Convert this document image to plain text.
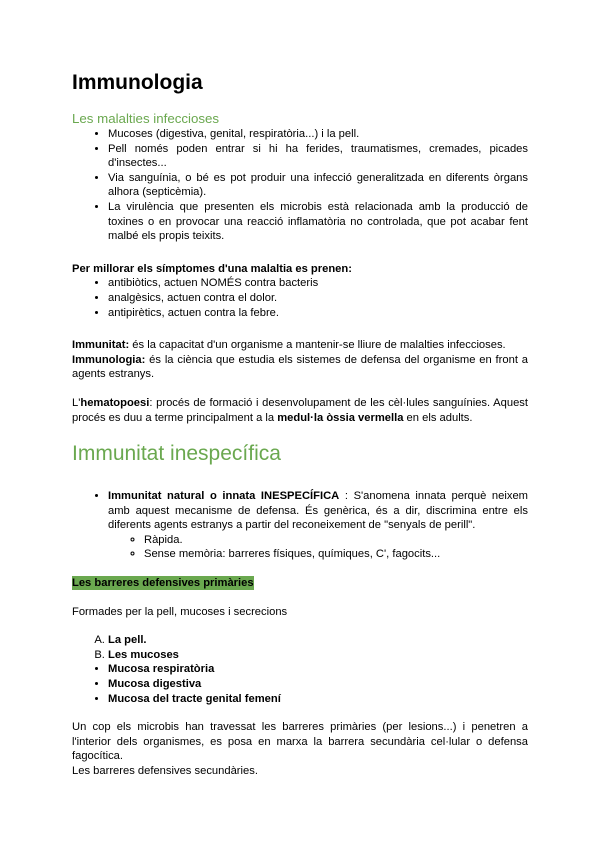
Immunologia
Les malalties infeccioses
• Mucoses (digestiva, genital, respiratòria...) i la pell.
• Pell només poden entrar si hi ha ferides, traumatismes, cremades, picades d'insectes...
• Via sanguínia, o bé es pot produir una infecció generalitzada en diferents òrgans alhora (septicèmia).
• La virulència que presenten els microbis està relacionada amb la producció de toxines o en provocar una reacció inflamatòria no controlada, que pot acabar fent malbé els propis teixits.

Per millorar els símptomes d'una malaltia es prenen:

• antibiòtics, actuen NOMÉS contra bacteris
• analgèsics, actuen contra el dolor.
• antipirètics, actuen contra la febre.

Immunitat: és la capacitat d'un organisme a mantenir-se lliure de malalties infeccioses.

Immunologia: és la ciència que estudia els sistemes de defensa del organisme en front a agents estranys.

L'hematopoesi: procés de formació i desenvolupament de les cèl·lules sanguínies. Aquest procés es duu a terme principalment a la medul·la òssia vermella en els adults.

Immunitat inespecífica
• Immunitat natural o innata INESPECÍFICA : S'anomena innata perquè neixem amb aquest mecanisme de defensa. És genèrica, és a dir, discrimina entre els diferents agents estranys a partir del reconeixement de "senyals de perill".
◦ Ràpida.
◦ Sense memòria: barreres físiques, químiques, C', fagocits...

Les barreres defensives primàries

Formades per la pell, mucoses i secrecions

A. La pell.
B. Les mucoses
• Mucosa respiratòria
• Mucosa digestiva
• Mucosa del tracte genital femení

Un cop els microbis han travessat les barreres primàries (per lesions...) i penetren a l'interior dels organismes, es posa en marxa la barrera secundària cel·lular o defensa fagocítica.

Les barreres defensives secundàries.
